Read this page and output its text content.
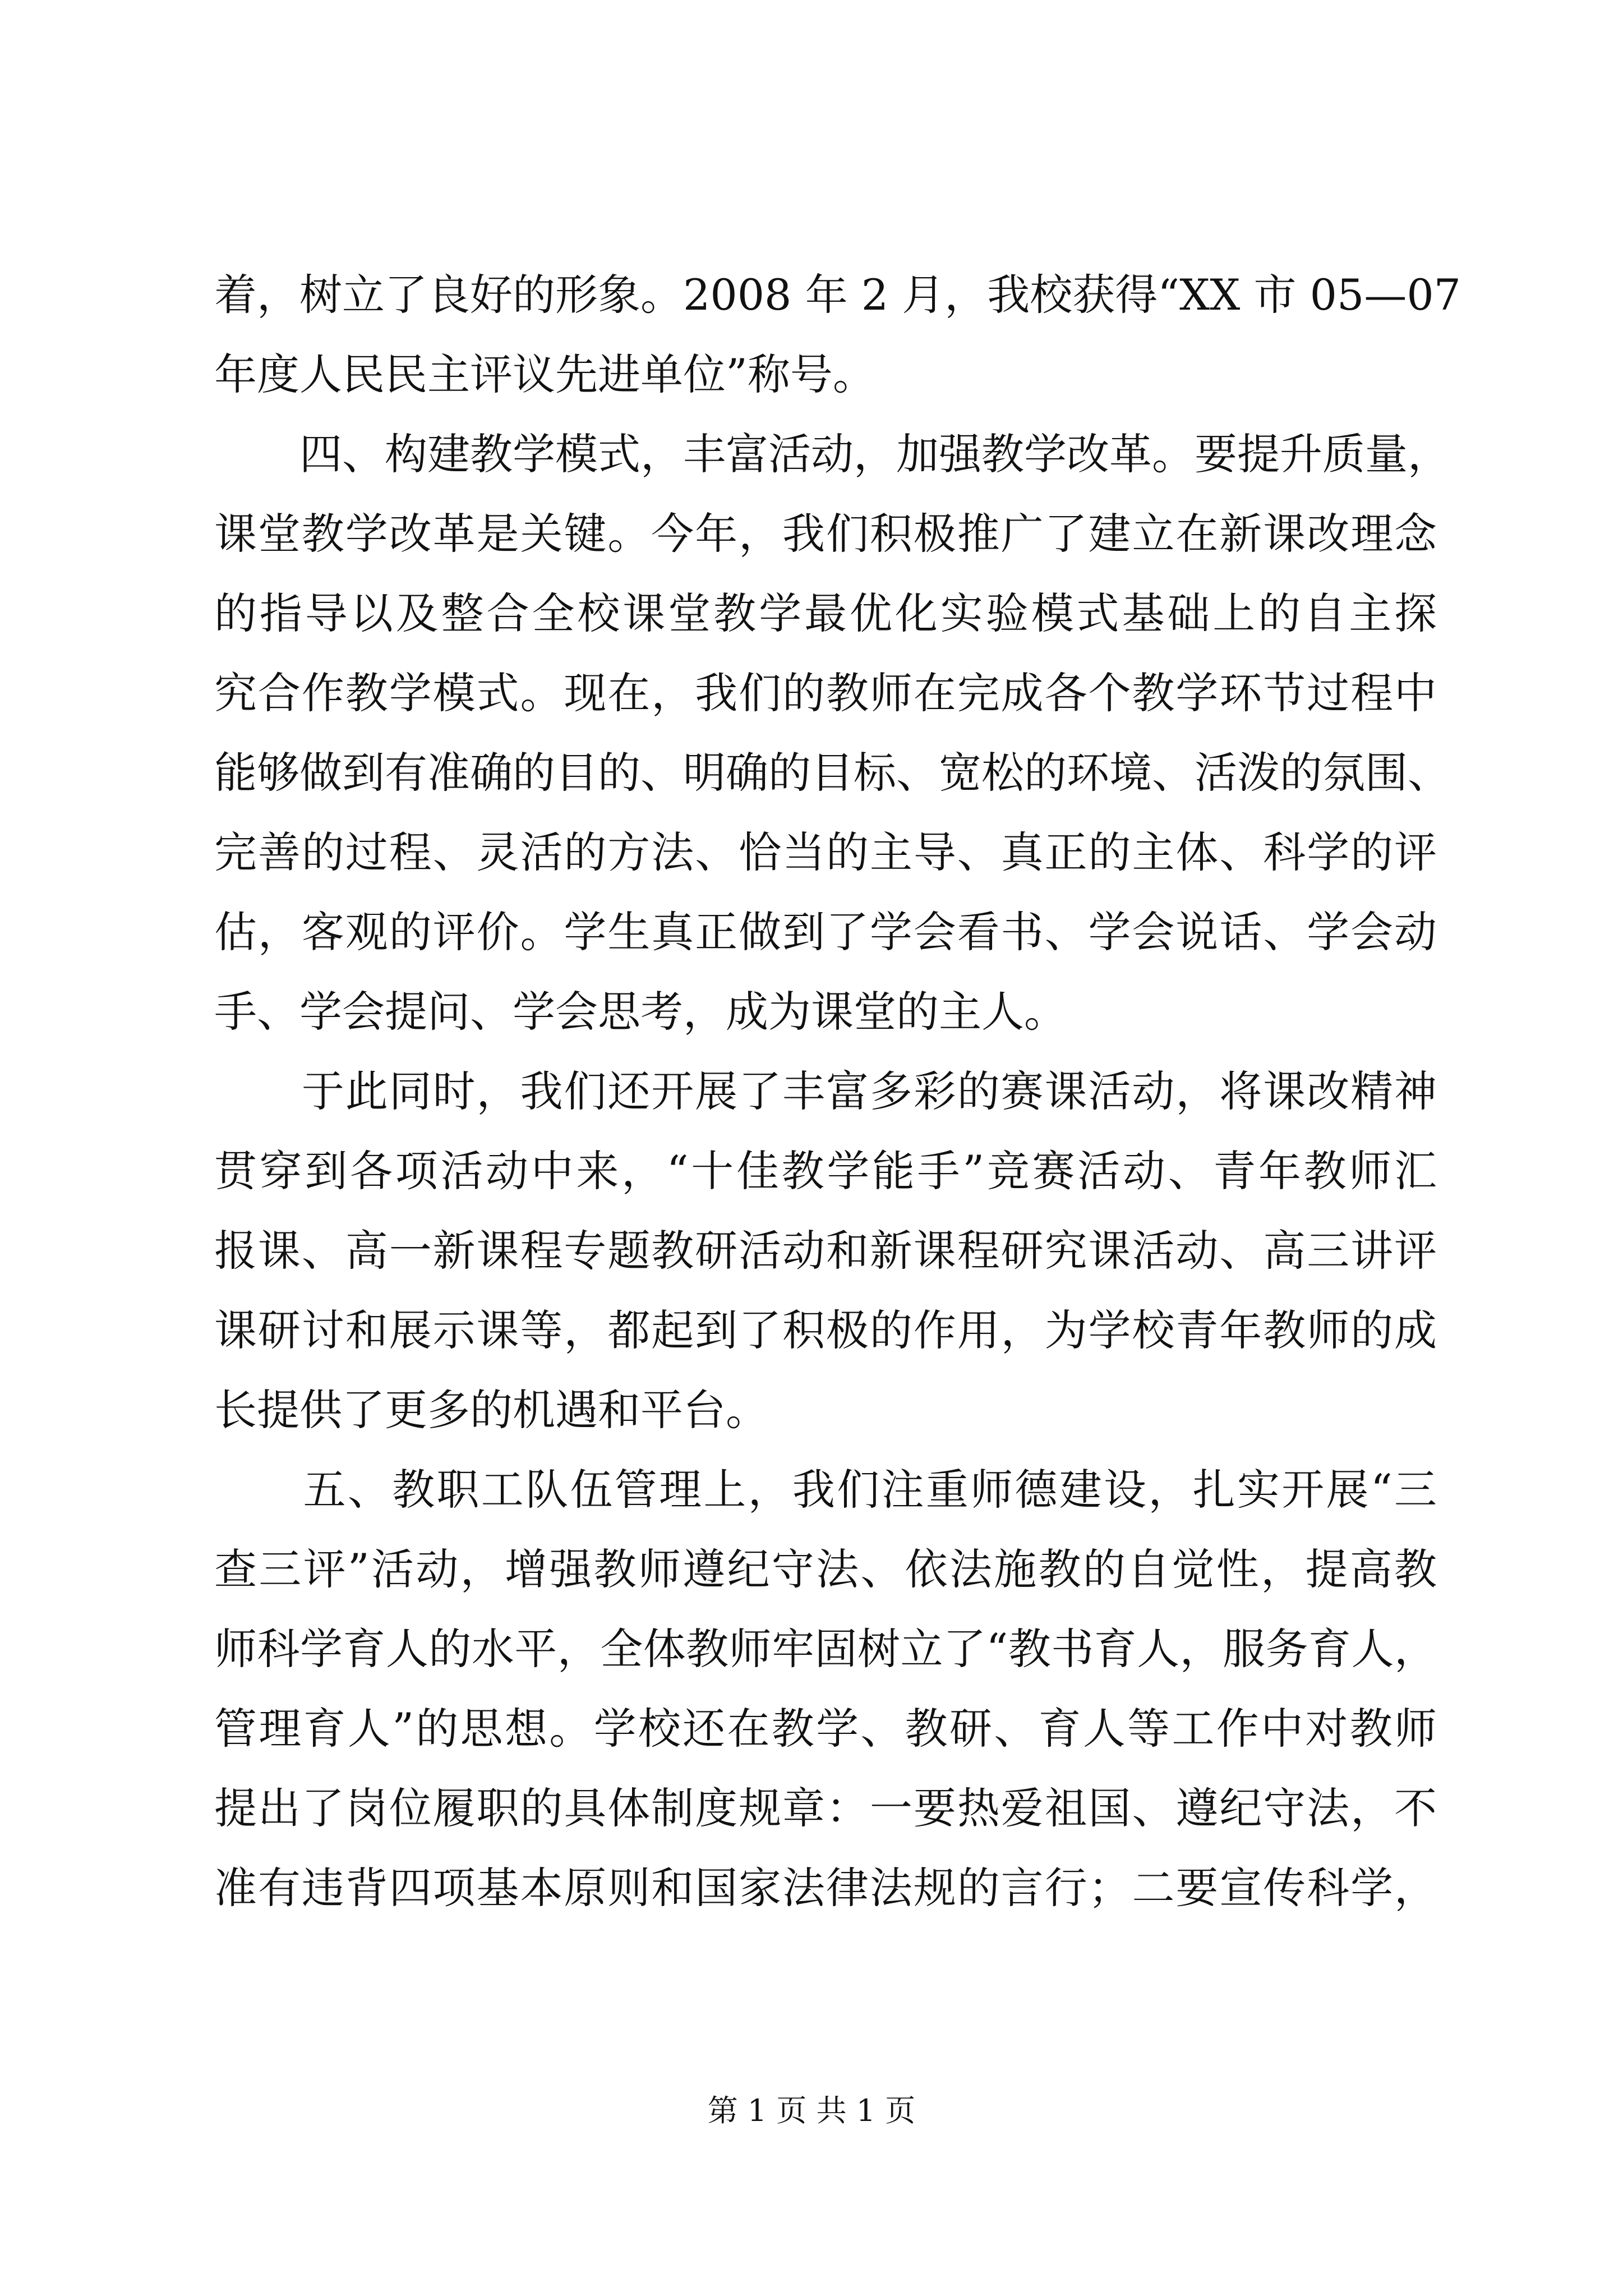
着，树立了良好的形象。2008 年 2 月，我校获得“XX 市 05—07
年度人民民主评议先进单位”称号。
　　四、构建教学模式，丰富活动，加强教学改革。要提升质量，
课堂教学改革是关键。今年，我们积极推广了建立在新课改理念
的指导以及整合全校课堂教学最优化实验模式基础上的自主探
究合作教学模式。现在，我们的教师在完成各个教学环节过程中
能够做到有准确的目的、明确的目标、宽松的环境、活泼的氛围、
完善的过程、灵活的方法、恰当的主导、真正的主体、科学的评
估，客观的评价。学生真正做到了学会看书、学会说话、学会动
手、学会提问、学会思考，成为课堂的主人。
　　于此同时，我们还开展了丰富多彩的赛课活动，将课改精神
贯穿到各项活动中来，“十佳教学能手”竞赛活动、青年教师汇
报课、高一新课程专题教研活动和新课程研究课活动、高三讲评
课研讨和展示课等，都起到了积极的作用，为学校青年教师的成
长提供了更多的机遇和平台。
　　五、教职工队伍管理上，我们注重师德建设，扎实开展“三
查三评”活动，增强教师遵纪守法、依法施教的自觉性，提高教
师科学育人的水平，全体教师牢固树立了“教书育人，服务育人，
管理育人”的思想。学校还在教学、教研、育人等工作中对教师
提出了岗位履职的具体制度规章：一要热爱祖国、遵纪守法，不
准有违背四项基本原则和国家法律法规的言行；二要宣传科学，
第 1 页 共 1 页
